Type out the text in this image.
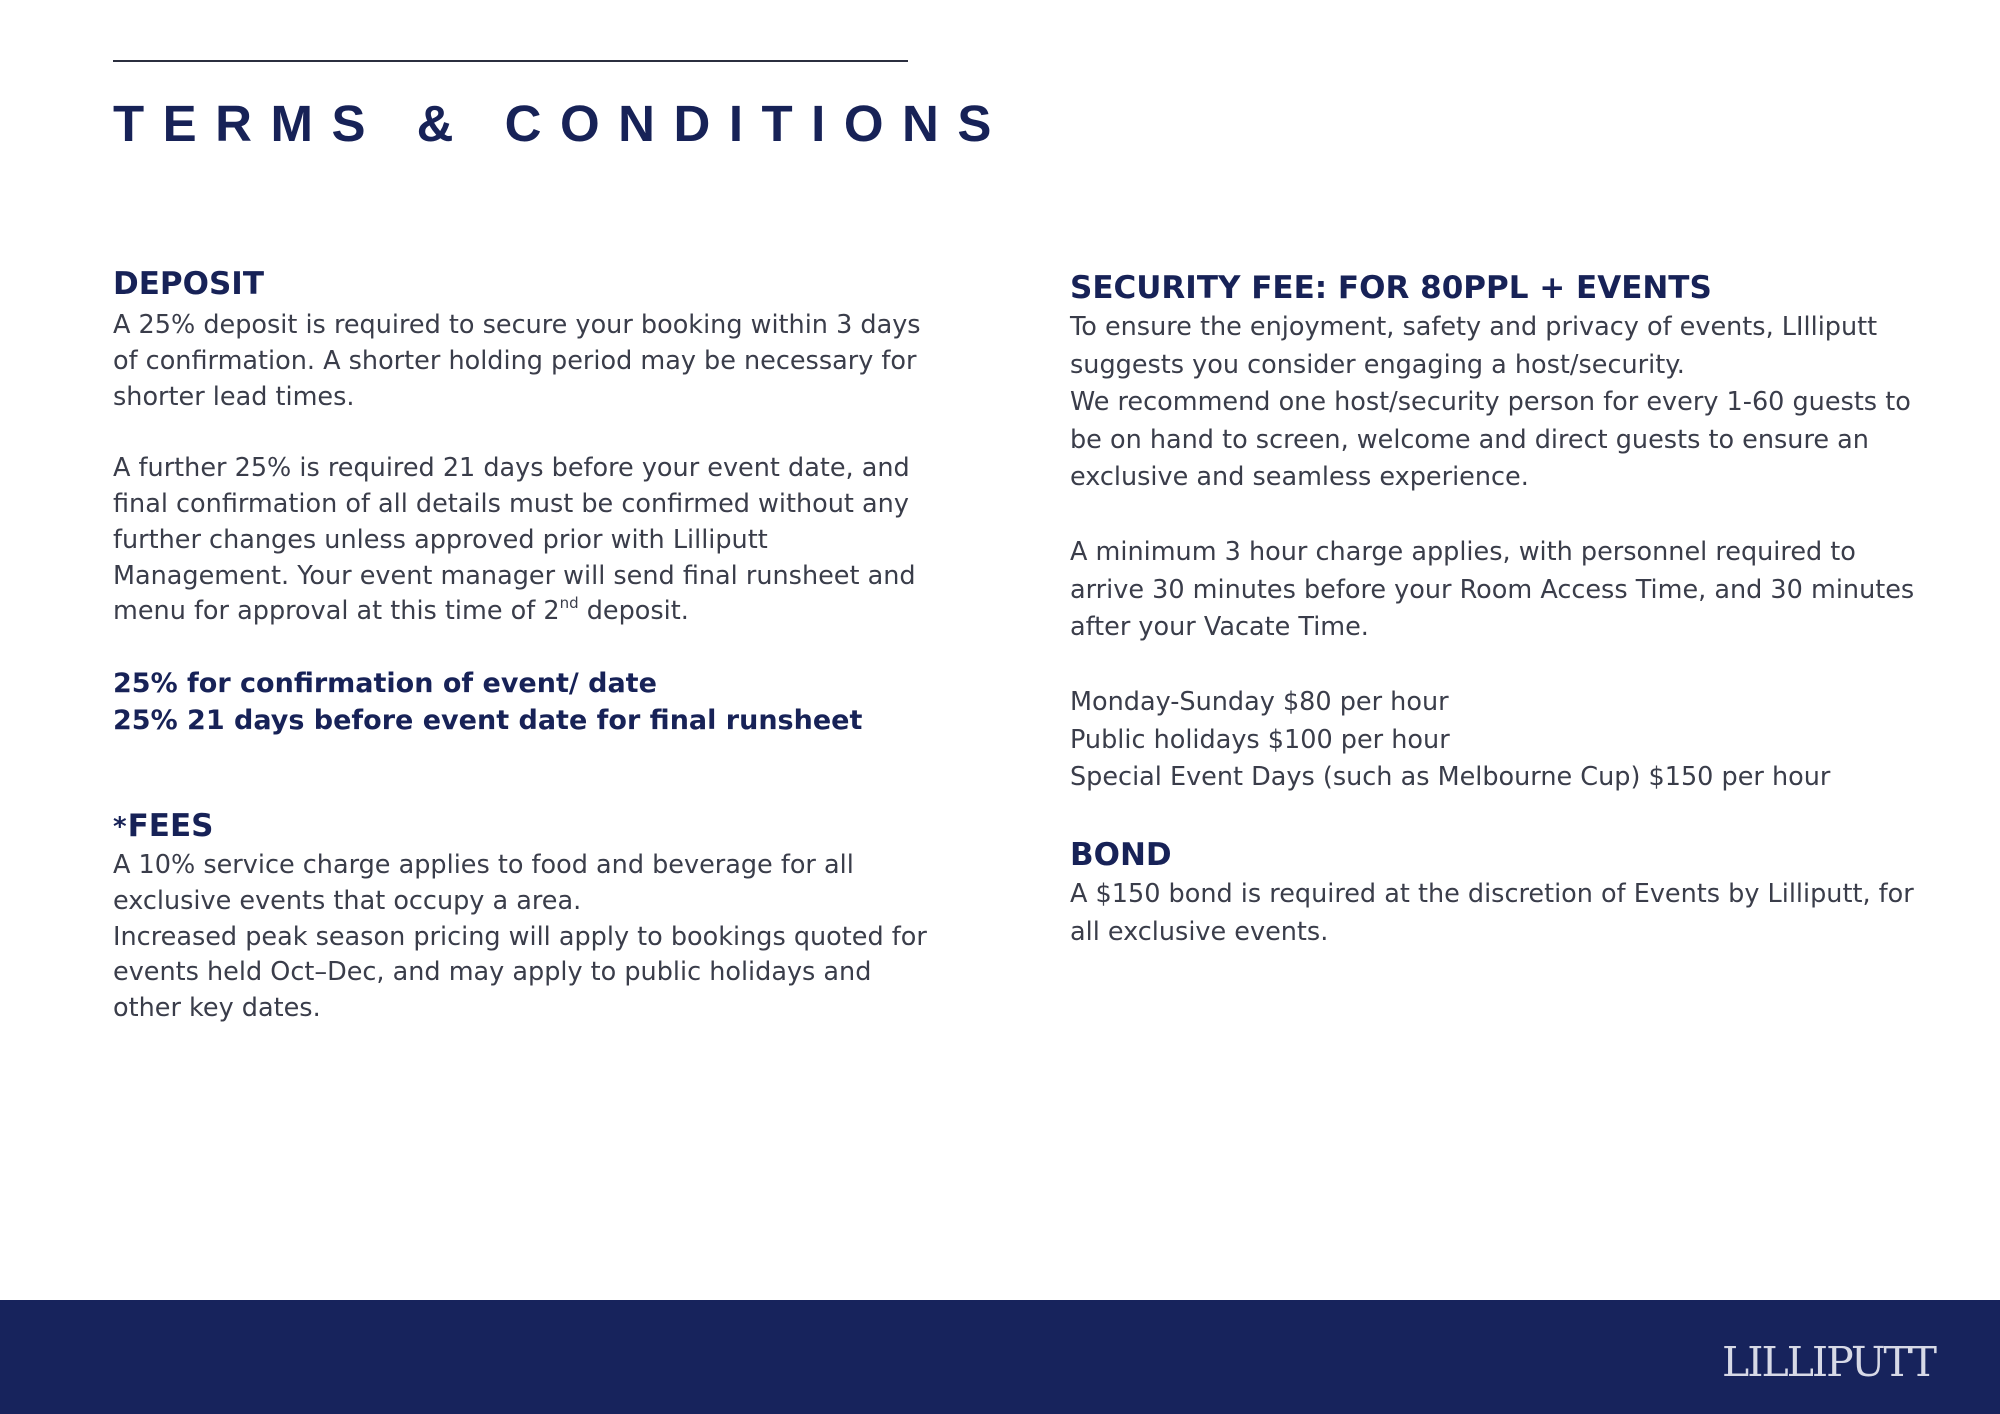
TERMS & CONDITIONS
DEPOSIT
A 25% deposit is required to secure your booking within 3 days
of confirmation. A shorter holding period may be necessary for
shorter lead times.
A further 25% is required 21 days before your event date, and
final confirmation of all details must be confirmed without any
further changes unless approved prior with Lilliputt
Management. Your event manager will send final runsheet and
menu for approval at this time of 2nd deposit.
25% for confirmation of event/ date
25% 21 days before event date for final runsheet
*FEES
A 10% service charge applies to food and beverage for all
exclusive events that occupy a area.
Increased peak season pricing will apply to bookings quoted for
events held Oct–Dec, and may apply to public holidays and
other key dates.
SECURITY FEE: FOR 80PPL + EVENTS
To ensure the enjoyment, safety and privacy of events, LIlliputt
suggests you consider engaging a host/security.
We recommend one host/security person for every 1-60 guests to
be on hand to screen, welcome and direct guests to ensure an
exclusive and seamless experience.
A minimum 3 hour charge applies, with personnel required to
arrive 30 minutes before your Room Access Time, and 30 minutes
after your Vacate Time.
Monday-Sunday $80 per hour
Public holidays $100 per hour
Special Event Days (such as Melbourne Cup) $150 per hour
BOND
A $150 bond is required at the discretion of Events by Lilliputt, for
all exclusive events.
LILLIPUTT
